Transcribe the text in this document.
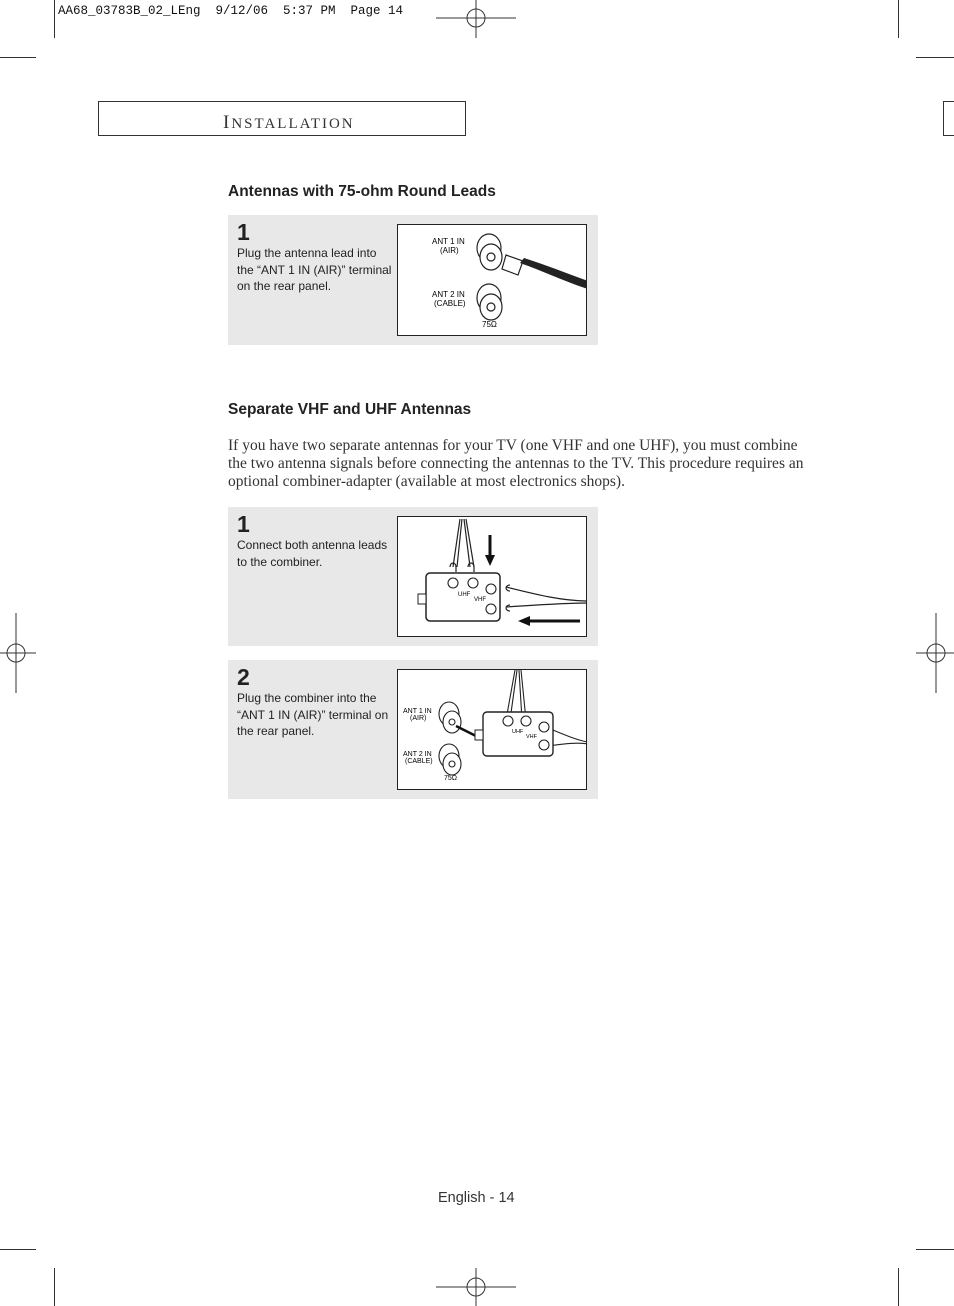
AA68_03783B_02_LEng  9/12/06  5:37 PM  Page 14
INSTALLATION
Antennas with 75-ohm Round Leads
1
Plug the antenna lead into the “ANT 1 IN (AIR)” terminal on the rear panel.
ANT 1 IN
(AIR)
ANT 2 IN
(CABLE)
75Ω
Separate VHF and UHF Antennas
If you have two separate antennas for your TV (one VHF and one UHF), you must combine the two antenna signals before connecting the antennas to the TV. This procedure requires an optional combiner-adapter (available at most electronics shops).
1
Connect both antenna leads to the combiner.
UHF
VHF
2
Plug the combiner into the “ANT 1 IN (AIR)” terminal on the rear panel.
ANT 1 IN
(AIR)
ANT 2 IN
(CABLE)
75Ω
UHF
VHF
English - 14
